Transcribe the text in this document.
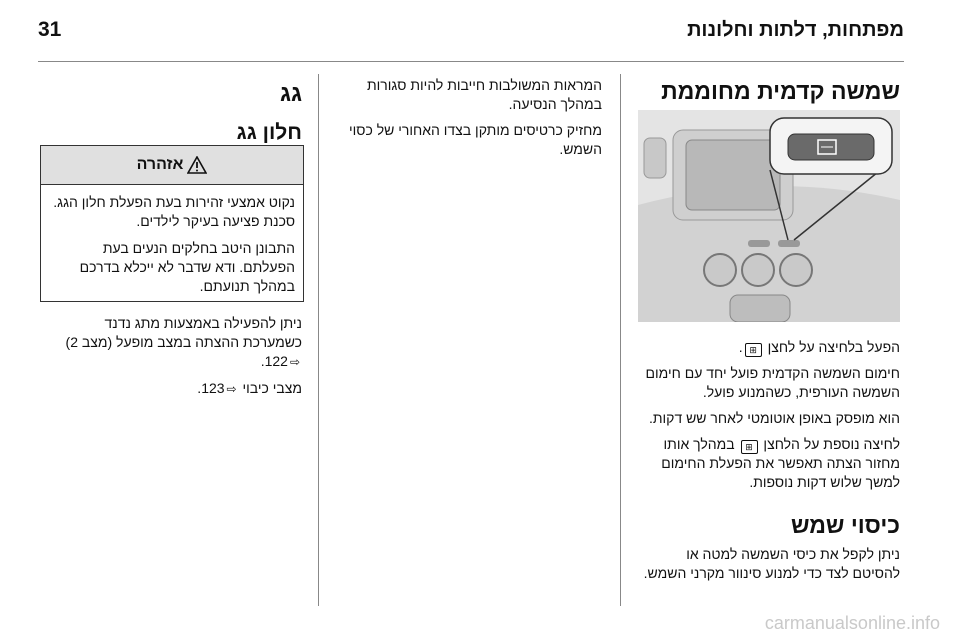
31	מפתחות, דלתות וחלונות
שמשה קדמית מחוממת

הפעל בלחיצה על לחצן ⊞.

חימום השמשה הקדמית פועל יחד עם חימום השמשה העורפית, כשהמנוע פועל.

הוא מופסק באופן אוטומטי לאחר שש דקות.

לחיצה נוספת על הלחצן ⊞ במהלך אותו מחזור הצתה תאפשר את הפעלת החימום למשך שלוש דקות נוספות.

כיסוי שמש

ניתן לקפל את כיסי השמשה למטה או להסיטם לצד כדי למנוע סינוור מקרני השמש.

המראות המשולבות חייבות להיות סגורות במהלך הנסיעה.

מחזיק כרטיסים מותקן בצדו האחורי של כסוי השמש.

גג
חלון גג
אזהרה

נקוט אמצעי זהירות בעת הפעלת חלון הגג. סכנת פציעה בעיקר לילדים.

התבונן היטב בחלקים הנעים בעת הפעלתם. ודא שדבר לא ייכלא בדרכם במהלך תנועתם.

ניתן להפעילה באמצעות מתג נדנד

כשמערכת ההצתה במצב מופעל (מצב 2)

⇨122.

מצבי כיבוי ⇨123.

carmanualsonline.info
